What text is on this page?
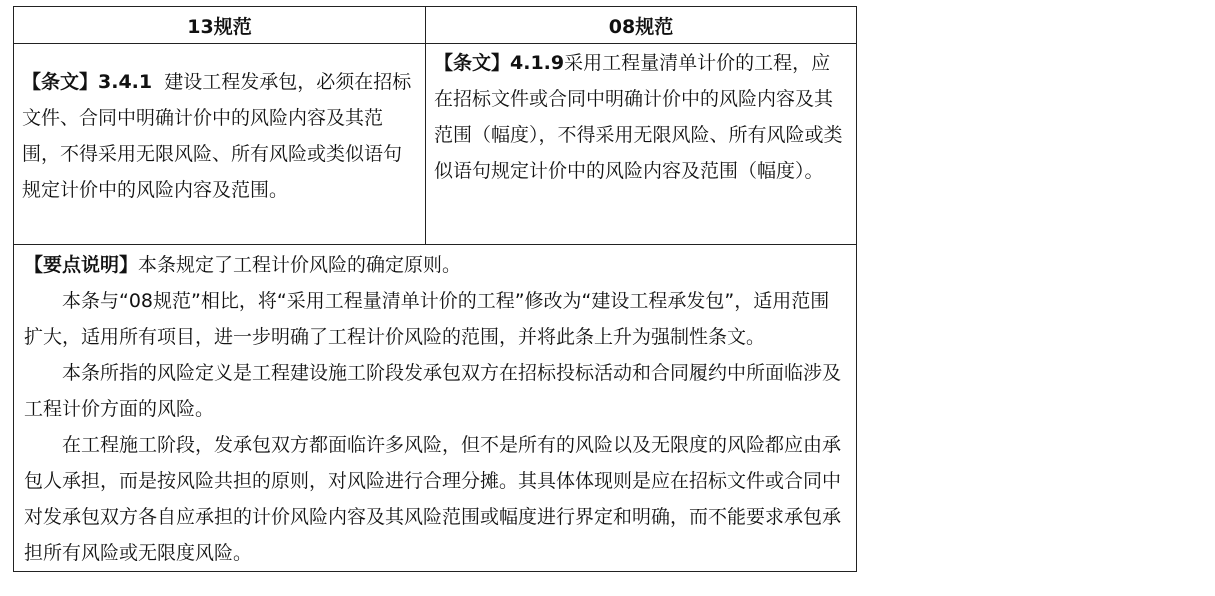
13规范	08规范
【条文】3.4.1  建设工程发承包，必须在招标文件、合同中明确计价中的风险内容及其范围，不得采用无限风险、所有风险或类似语句规定计价中的风险内容及范围。	【条文】4.1.9采用工程量清单计价的工程，应在招标文件或合同中明确计价中的风险内容及其范围（幅度），不得采用无限风险、所有风险或类似语句规定计价中的风险内容及范围（幅度）。

【要点说明】本条规定了工程计价风险的确定原则。

本条与“08规范”相比，将“采用工程量清单计价的工程”修改为“建设工程承发包”，适用范围扩大，适用所有项目，进一步明确了工程计价风险的范围，并将此条上升为强制性条文。

本条所指的风险定义是工程建设施工阶段发承包双方在招标投标活动和合同履约中所面临涉及工程计价方面的风险。

在工程施工阶段，发承包双方都面临许多风险，但不是所有的风险以及无限度的风险都应由承包人承担，而是按风险共担的原则，对风险进行合理分摊。其具体体现则是应在招标文件或合同中对发承包双方各自应承担的计价风险内容及其风险范围或幅度进行界定和明确，而不能要求承包承担所有风险或无限度风险。	
